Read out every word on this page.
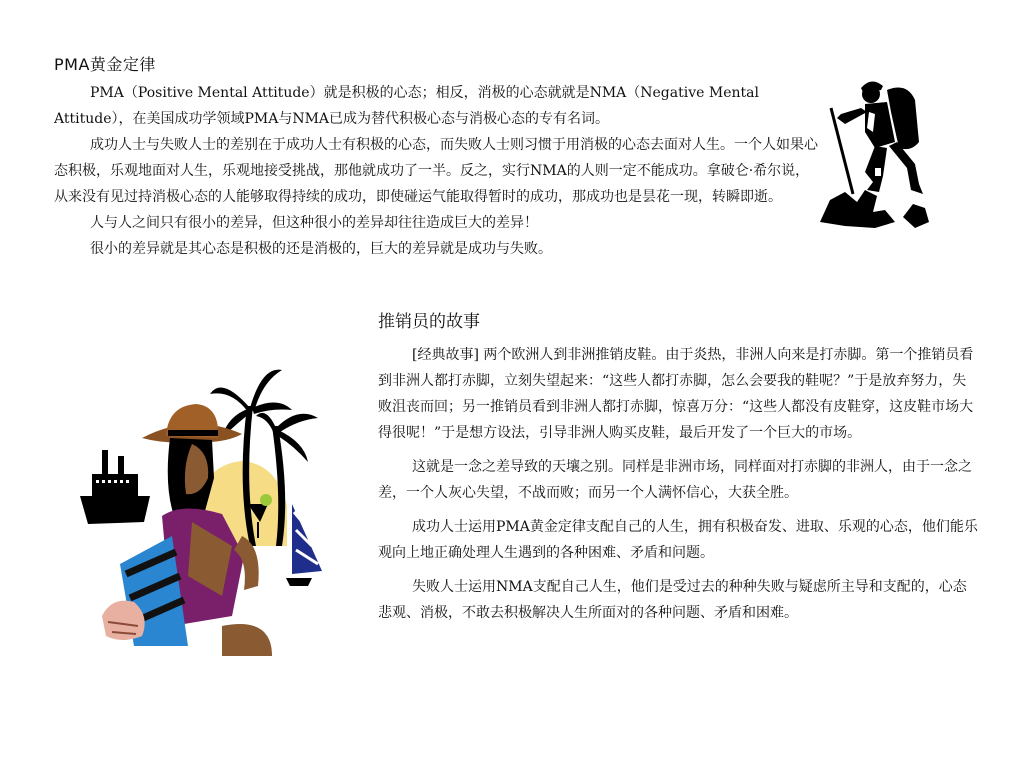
PMA黄金定律

PMA（Positive Mental Attitude）就是积极的心态；相反，消极的心态就就是NMA（Negative Mental Attitude），在美国成功学领域PMA与NMA已成为替代积极心态与消极心态的专有名词。

成功人士与失败人士的差别在于成功人士有积极的心态，而失败人士则习惯于用消极的心态去面对人生。一个人如果心态积极，乐观地面对人生，乐观地接受挑战，那他就成功了一半。反之，实行NMA的人则一定不能成功。拿破仑·希尔说，从来没有见过持消极心态的人能够取得持续的成功，即使碰运气能取得暂时的成功，那成功也是昙花一现，转瞬即逝。

人与人之间只有很小的差异，但这种很小的差异却往往造成巨大的差异！

很小的差异就是其心态是积极的还是消极的，巨大的差异就是成功与失败。

推销员的故事

[经典故事] 两个欧洲人到非洲推销皮鞋。由于炎热，非洲人向来是打赤脚。第一个推销员看到非洲人都打赤脚，立刻失望起来：“这些人都打赤脚，怎么会要我的鞋呢？”于是放弃努力，失败沮丧而回；另一推销员看到非洲人都打赤脚，惊喜万分：“这些人都没有皮鞋穿，这皮鞋市场大得很呢！”于是想方设法，引导非洲人购买皮鞋，最后开发了一个巨大的市场。

这就是一念之差导致的天壤之别。同样是非洲市场，同样面对打赤脚的非洲人，由于一念之差，一个人灰心失望，不战而败；而另一个人满怀信心，大获全胜。

成功人士运用PMA黄金定律支配自己的人生，拥有积极奋发、进取、乐观的心态，他们能乐观向上地正确处理人生遇到的各种困难、矛盾和问题。

失败人士运用NMA支配自己人生，他们是受过去的种种失败与疑虑所主导和支配的，心态悲观、消极，不敢去积极解决人生所面对的各种问题、矛盾和困难。
